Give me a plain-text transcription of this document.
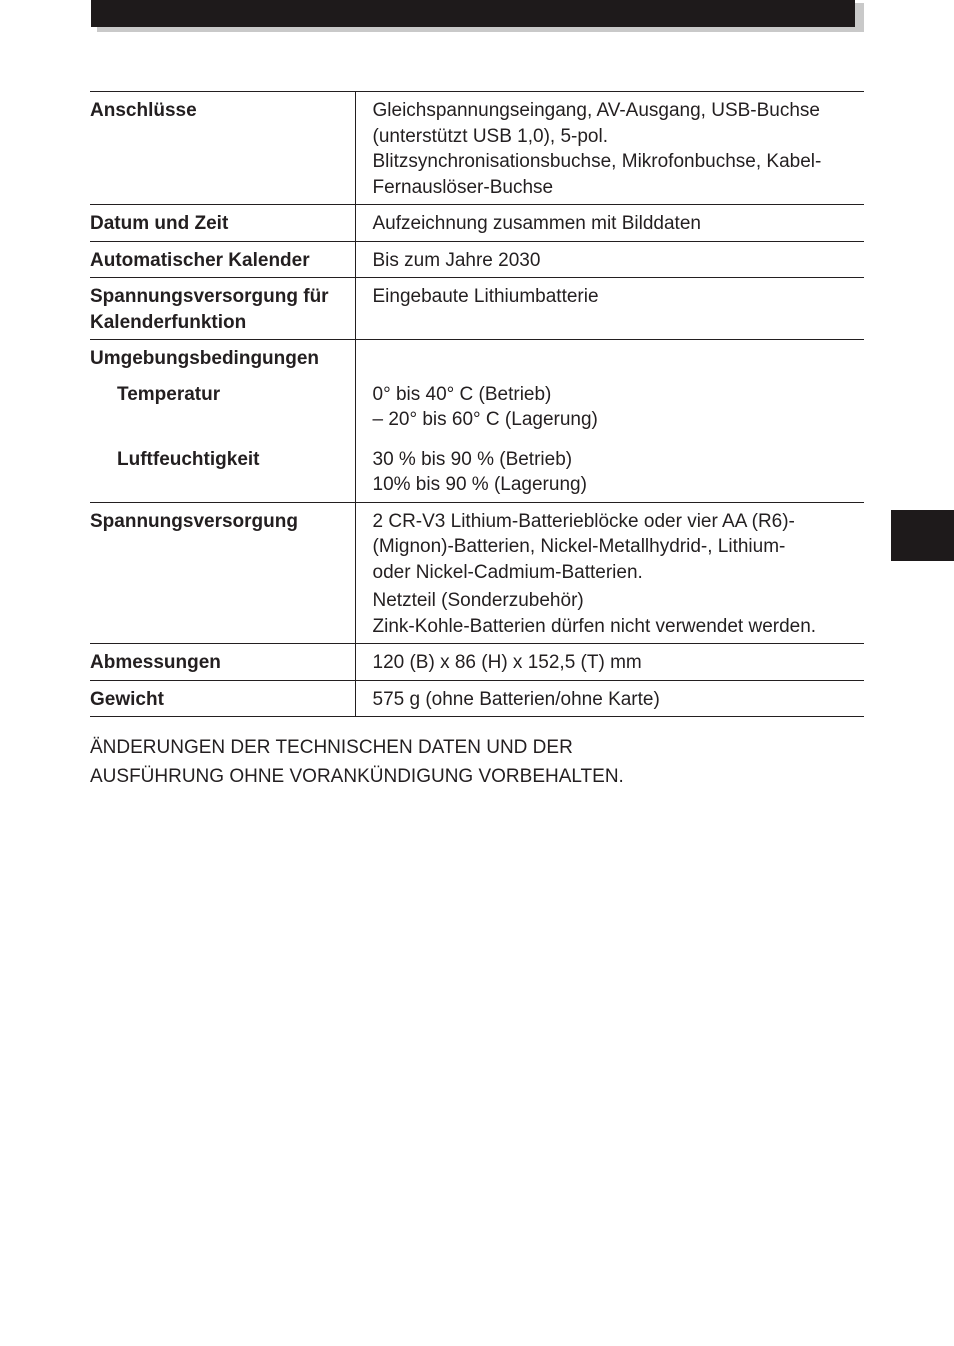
Anschlüsse	Gleichspannungseingang, AV-Ausgang, USB-Buchse
(unterstützt USB 1,0), 5-pol.
Blitzsynchronisationsbuchse, Mikrofonbuchse, Kabel-
Fernauslöser-Buchse

Datum und Zeit	Aufzeichnung zusammen mit Bilddaten

Automatischer Kalender	Bis zum Jahre 2030

Spannungsversorgung für
Kalenderfunktion	Eingebaute Lithiumbatterie

Umgebungsbedingungen	
Temperatur	0° bis 40° C (Betrieb)
– 20° bis 60° C (Lagerung)

Luftfeuchtigkeit	30 % bis 90 % (Betrieb)
10% bis 90 % (Lagerung)

Spannungsversorgung	2 CR-V3 Lithium-Batterieblöcke oder vier AA (R6)-
(Mignon)-Batterien, Nickel-Metallhydrid-, Lithium-
oder Nickel-Cadmium-Batterien.
Netzteil (Sonderzubehör)
Zink-Kohle-Batterien dürfen nicht verwendet werden.

Abmessungen	120 (B) x 86 (H) x 152,5 (T) mm

Gewicht	575 g (ohne Batterien/ohne Karte)
ÄNDERUNGEN DER TECHNISCHEN DATEN UND DER
AUSFÜHRUNG OHNE VORANKÜNDIGUNG VORBEHALTEN.
